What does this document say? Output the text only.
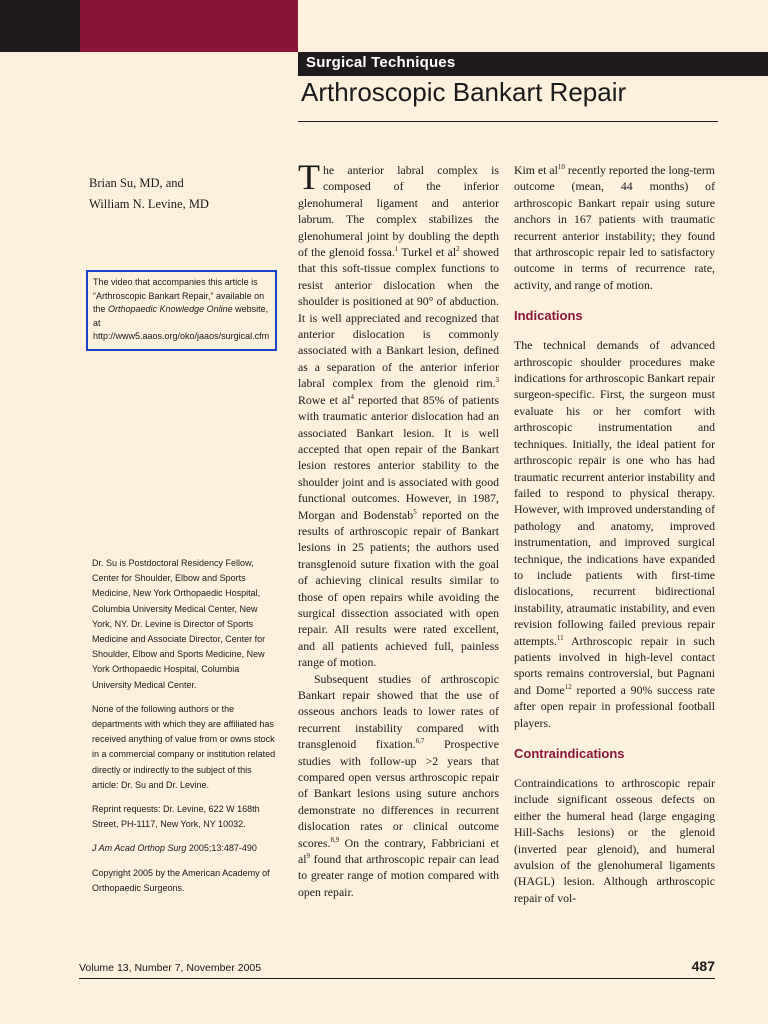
Surgical Techniques
Arthroscopic Bankart Repair
Brian Su, MD, and
William N. Levine, MD
The video that accompanies this article is “Arthroscopic Bankart Repair,” available on the Orthopaedic Knowledge Online website, at http://www5.aaos.org/oko/jaaos/surgical.cfm

Dr. Su is Postdoctoral Residency Fellow, Center for Shoulder, Elbow and Sports Medicine, New York Orthopaedic Hospital, Columbia University Medical Center, New York, NY. Dr. Levine is Director of Sports Medicine and Associate Director, Center for Shoulder, Elbow and Sports Medicine, New York Orthopaedic Hospital, Columbia University Medical Center.

None of the following authors or the departments with which they are affiliated has received anything of value from or owns stock in a commercial company or institution related directly or indirectly to the subject of this article: Dr. Su and Dr. Levine.

Reprint requests: Dr. Levine, 622 W 168th Street, PH-1117, New York, NY 10032.

J Am Acad Orthop Surg 2005;13:487-490

Copyright 2005 by the American Academy of Orthopaedic Surgeons.

The anterior labral complex is composed of the inferior glenohumeral ligament and anterior labrum. The complex stabilizes the glenohumeral joint by doubling the depth of the glenoid fossa.$^1$ Turkel et $al^2$ showed that this soft-tissue complex functions to resist anterior dislocation when the shoulder is positioned at 90° of abduction. It is well appreciated and recognized that anterior dislocation is commonly associated with a Bankart lesion, defined as a separation of the anterior inferior labral complex from the glenoid rim.$^3$ Rowe et $al^4$ reported that 85% of patients with traumatic anterior dislocation had an associated Bankart lesion. It is well accepted that open repair of the Bankart lesion restores anterior stability to the shoulder joint and is associated with good functional outcomes. However, in 1987, Morgan and Bodenstab$^5$ reported on the results of arthroscopic repair of Bankart lesions in 25 patients; the authors used transglenoid suture fixation with the goal of achieving clinical results similar to those of open repairs while avoiding the surgical dissection associated with open repair. All results were rated excellent, and all patients achieved full, painless range of motion.

Subsequent studies of arthroscopic Bankart repair showed that the use of osseous anchors leads to lower rates of recurrent instability compared with transglenoid fixation.$^{6,7}$ Prospective studies with follow-up >2 years that compared open versus arthroscopic repair of Bankart lesions using suture anchors demonstrate no differences in recurrent dislocation rates or clinical outcome scores.$^{8,9}$ On the contrary, Fabbriciani et $al^9$ found that arthroscopic repair can lead to greater range of motion compared with open repair.

Kim et $al^{10}$ recently reported the long-term outcome (mean, 44 months) of arthroscopic Bankart repair using suture anchors in 167 patients with traumatic recurrent anterior instability; they found that arthroscopic repair led to satisfactory outcome in terms of recurrence rate, activity, and range of motion.

Indications

The technical demands of advanced arthroscopic shoulder procedures make indications for arthroscopic Bankart repair surgeon-specific. First, the surgeon must evaluate his or her comfort with arthroscopic instrumentation and techniques. Initially, the ideal patient for arthroscopic repair is one who has had traumatic recurrent anterior instability and failed to respond to physical therapy. However, with improved understanding of pathology and anatomy, improved instrumentation, and improved surgical technique, the indications have expanded to include patients with first-time dislocations, recurrent bidirectional instability, atraumatic instability, and even revision following failed previous repair attempts.$^{11}$ Arthroscopic repair in such patients involved in high-level contact sports remains controversial, but Pagnani and Dome$^{12}$ reported a 90% success rate after open repair in professional football players.

Contraindications

Contraindications to arthroscopic repair include significant osseous defects on either the humeral head (large engaging Hill-Sachs lesions) or the glenoid (inverted pear glenoid), and humeral avulsion of the glenohumeral ligaments (HAGL) lesion. Although arthroscopic repair of vol-

Volume 13, Number 7, November 2005	487
